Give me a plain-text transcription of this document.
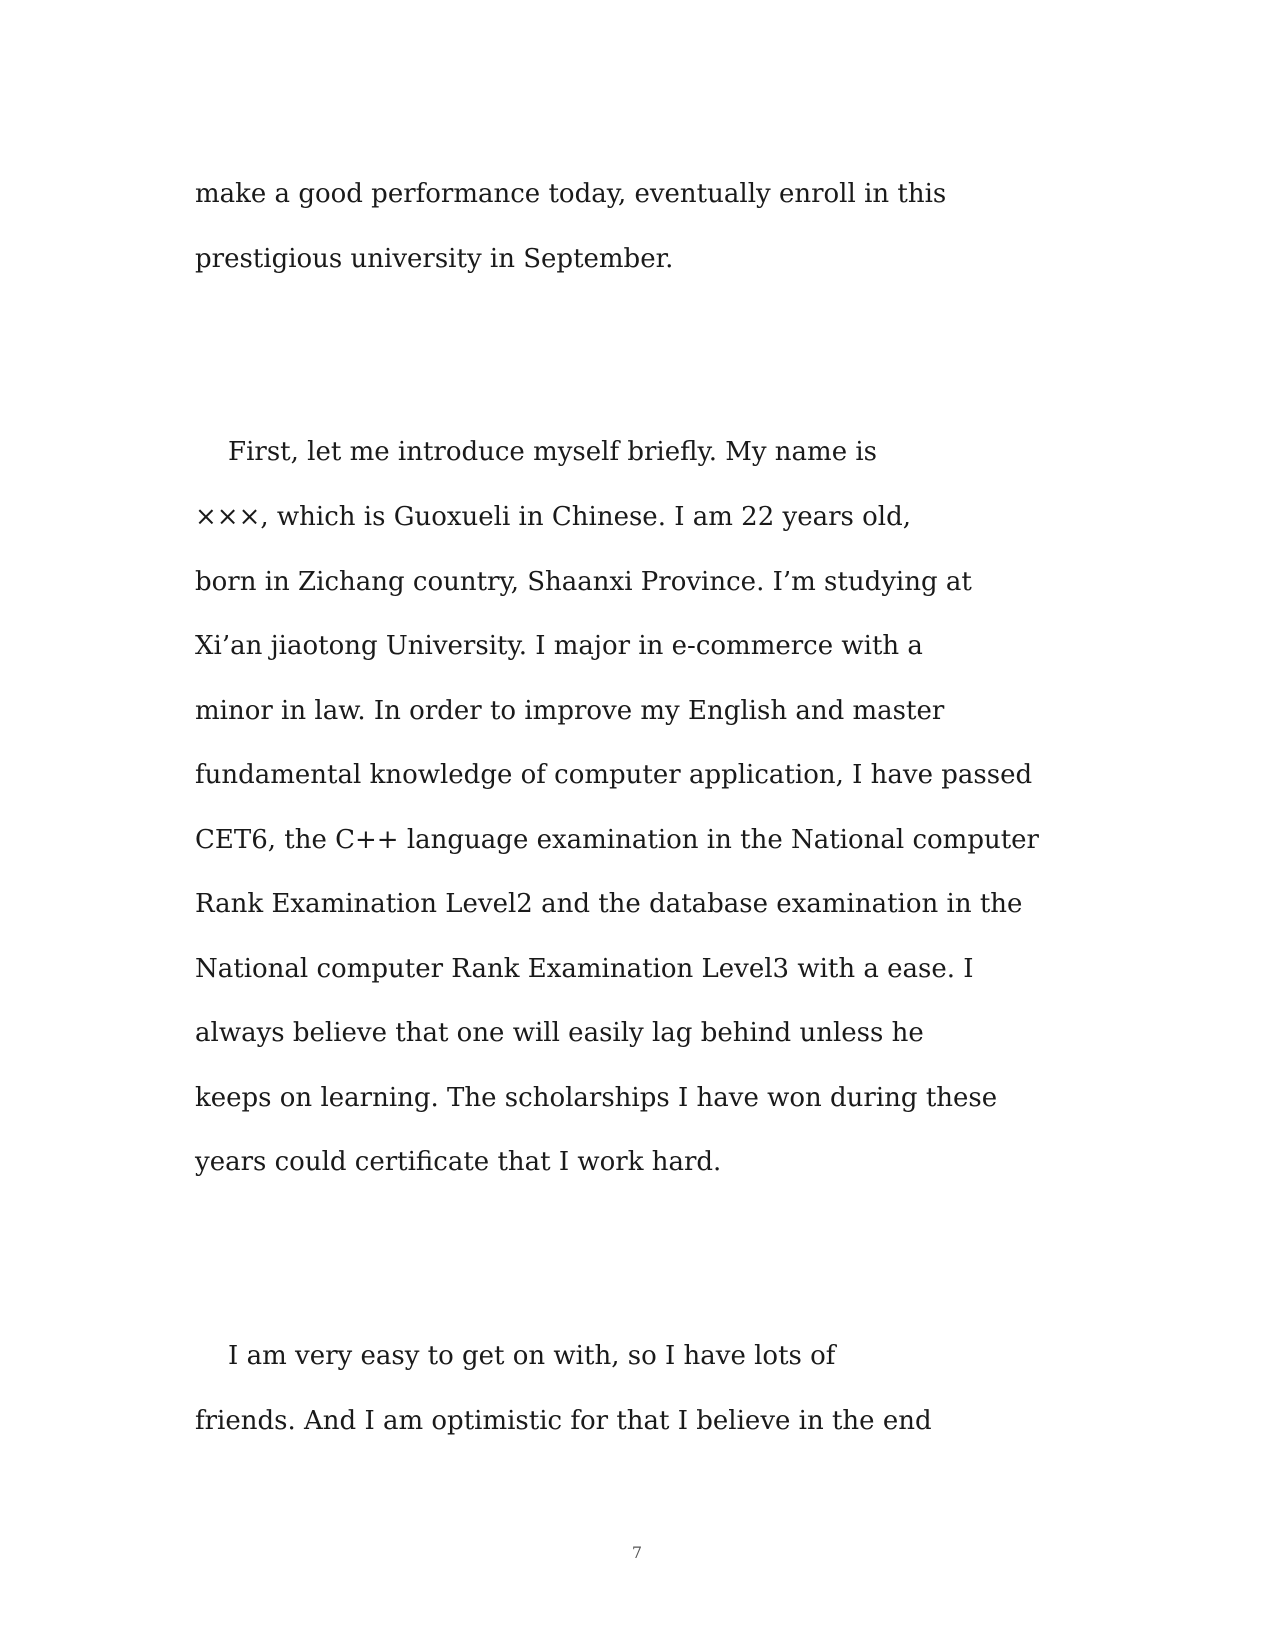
make a good performance today, eventually enroll in this

prestigious university in September.

First, let me introduce myself briefly. My name is

×××, which is Guoxueli in Chinese. I am 22 years old,

born in Zichang country, Shaanxi Province. I’m studying at

Xi’an jiaotong University. I major in e-commerce with a

minor in law. In order to improve my English and master

fundamental knowledge of computer application, I have passed

CET6, the C++ language examination in the National computer

Rank Examination Level2 and the database examination in the

National computer Rank Examination Level3 with a ease. I

always believe that one will easily lag behind unless he

keeps on learning. The scholarships I have won during these

years could certificate that I work hard.

I am very easy to get on with, so I have lots of

friends. And I am optimistic for that I believe in the end

7
